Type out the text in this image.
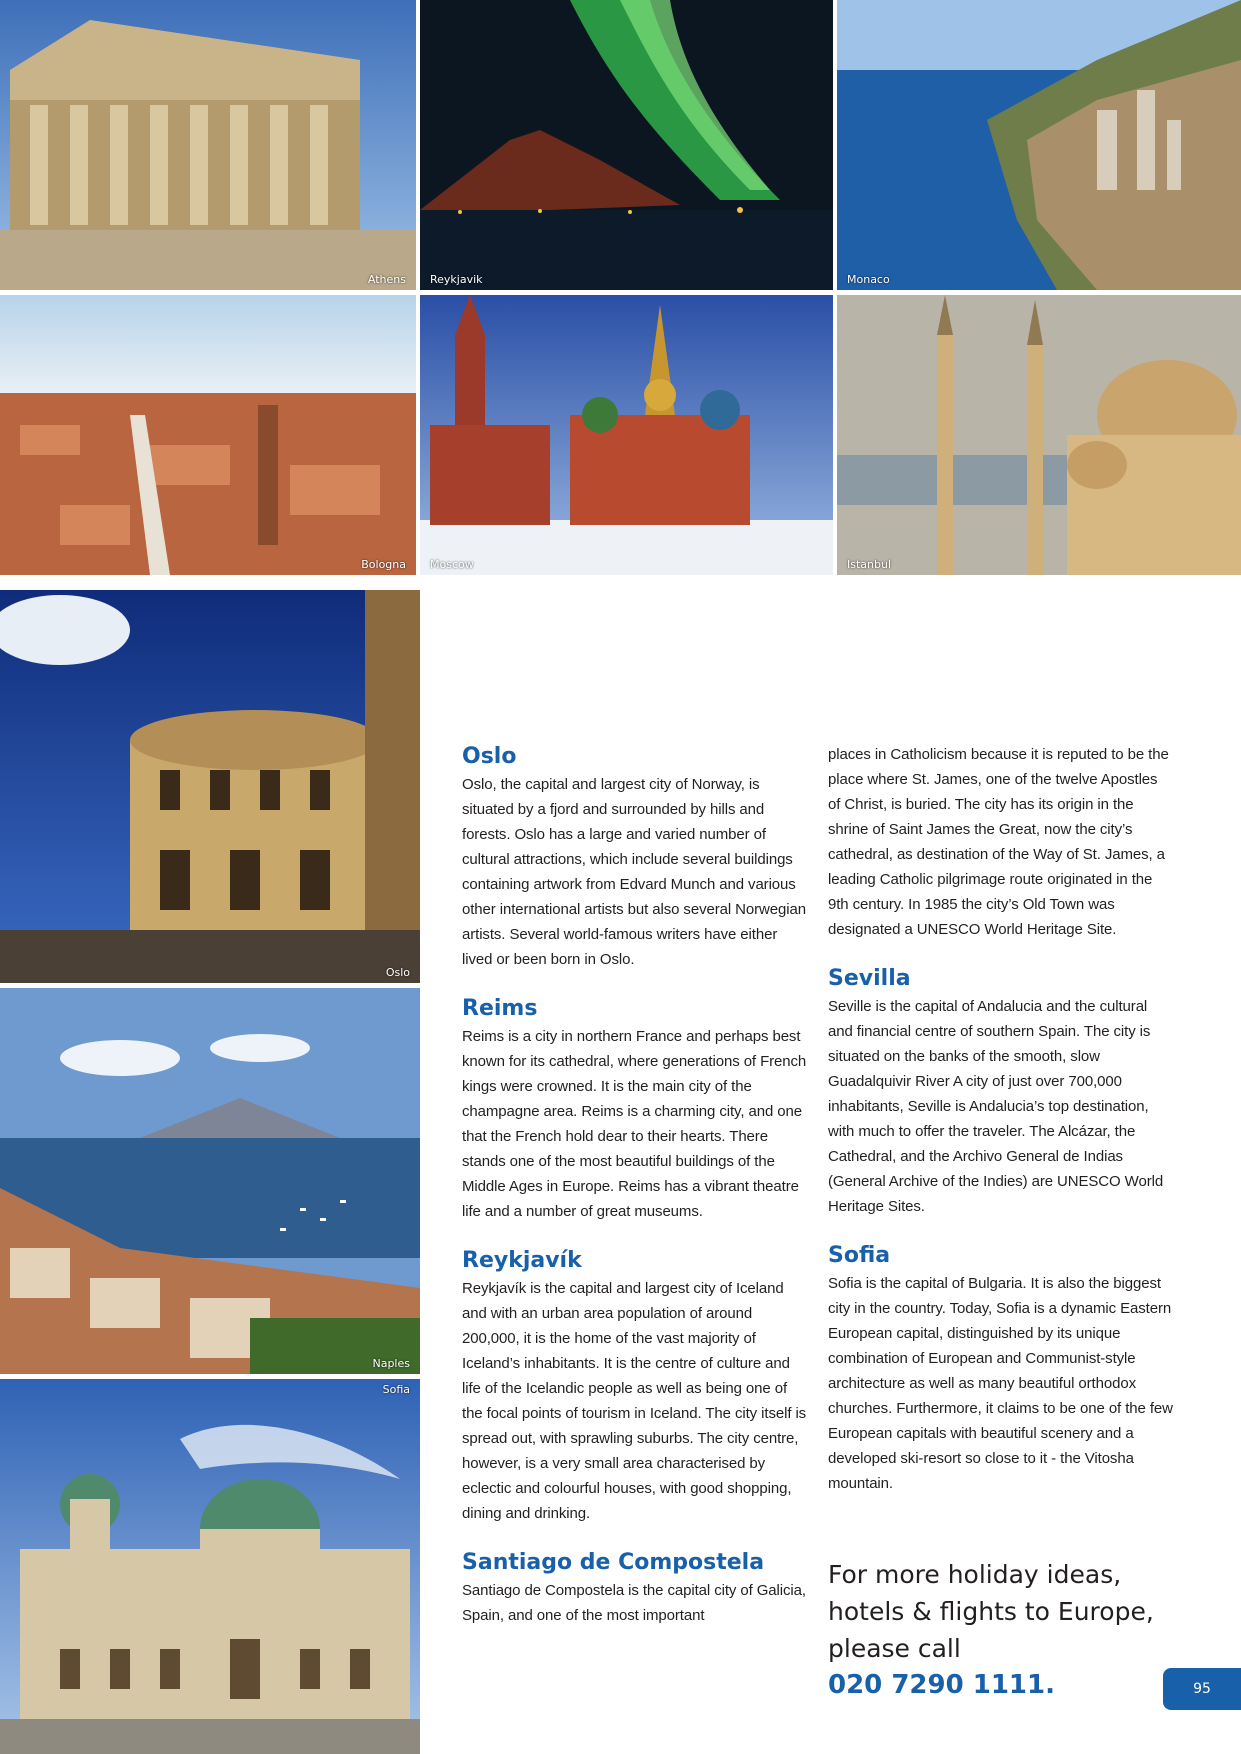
Athens Reykjavik	Monaco
Bologna Moscow	Istanbul
Oslo
Naples
Sofia
Oslo

Oslo, the capital and largest city of Norway, is situated by a fjord and surrounded by hills and forests. Oslo has a large and varied number of cultural attractions, which include several buildings containing artwork from Edvard Munch and various other international artists but also several Norwegian artists. Several world-famous writers have either lived or been born in Oslo.

Reims

Reims is a city in northern France and perhaps best known for its cathedral, where generations of French kings were crowned. It is the main city of the champagne area. Reims is a charming city, and one that the French hold dear to their hearts. There stands one of the most beautiful buildings of the Middle Ages in Europe. Reims has a vibrant theatre life and a number of great museums.

Reykjavík

Reykjavík is the capital and largest city of Iceland and with an urban area population of around 200,000, it is the home of the vast majority of Iceland’s inhabitants. It is the centre of culture and life of the Icelandic people as well as being one of the focal points of tourism in Iceland. The city itself is spread out, with sprawling suburbs. The city centre, however, is a very small area characterised by eclectic and colourful houses, with good shopping, dining and drinking.

Santiago de Compostela

Santiago de Compostela is the capital city of Galicia, Spain, and one of the most important

places in Catholicism because it is reputed to be the place where St. James, one of the twelve Apostles of Christ, is buried. The city has its origin in the shrine of Saint James the Great, now the city’s cathedral, as destination of the Way of St. James, a leading Catholic pilgrimage route originated in the 9th century. In 1985 the city’s Old Town was designated a UNESCO World Heritage Site.

Sevilla

Seville is the capital of Andalucia and the cultural and financial centre of southern Spain. The city is situated on the banks of the smooth, slow Guadalquivir River A city of just over 700,000 inhabitants, Seville is Andalucia’s top destination, with much to offer the traveler. The Alcázar, the Cathedral, and the Archivo General de Indias (General Archive of the Indies) are UNESCO World Heritage Sites.

Sofia

Sofia is the capital of Bulgaria. It is also the biggest city in the country. Today, Sofia is a dynamic Eastern European capital, distinguished by its unique combination of European and Communist-style architecture as well as many beautiful orthodox churches. Furthermore, it claims to be one of the few European capitals with beautiful scenery and a developed ski-resort so close to it - the Vitosha mountain.

For more holiday ideas, hotels & flights to Europe, please call

020 7290 1111.	95
